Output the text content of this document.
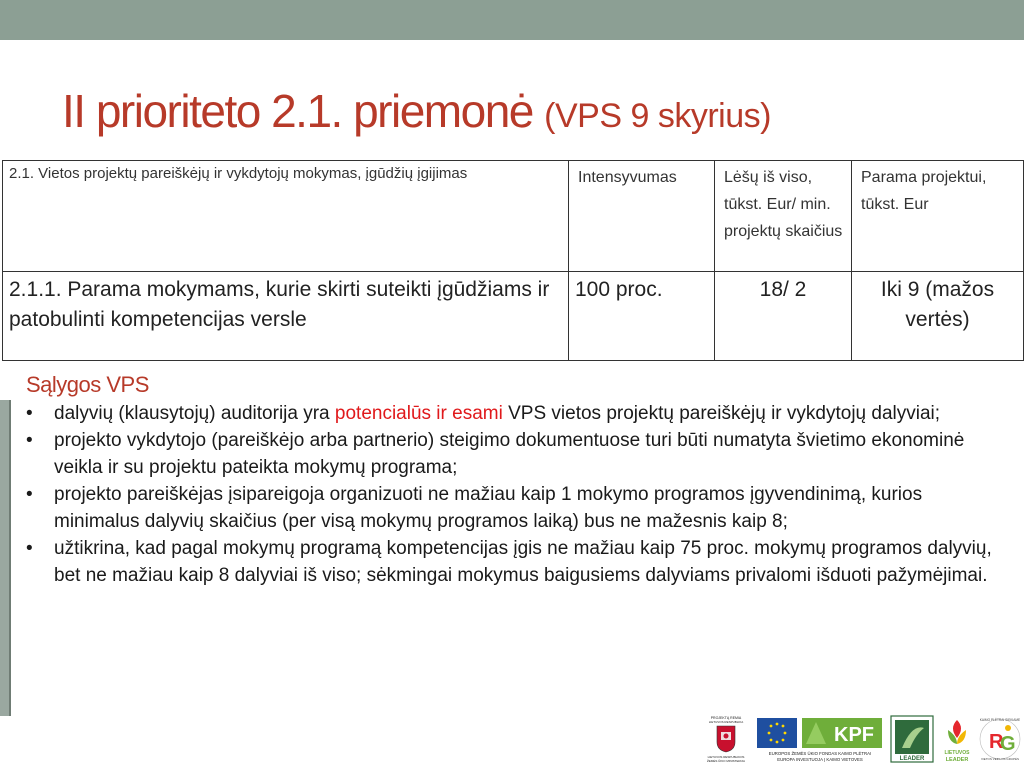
II prioriteto 2.1. priemonė (VPS 9 skyrius)
2.1. Vietos projektų pareiškėjų ir vykdytojų mokymas, įgūdžių įgijimas	Intensyvumas	Lėšų iš viso, tūkst. Eur/ min. projektų skaičius	Parama projektui, tūkst. Eur
2.1.1. Parama mokymams, kurie skirti suteikti įgūdžiams ir patobulinti kompetencijas versle	100 proc.	18/ 2	Iki 9 (mažos vertės)
Sąlygos VPS
• dalyvių (klausytojų) auditorija yra potencialūs ir esami VPS vietos projektų pareiškėjų ir vykdytojų dalyviai;
• projekto vykdytojo (pareiškėjo arba partnerio) steigimo dokumentuose turi būti numatyta švietimo ekonominė veikla ir su projektu pateikta mokymų programa;
• projekto pareiškėjas įsipareigoja organizuoti ne mažiau kaip 1 mokymo programos įgyvendinimą, kurios minimalus dalyvių skaičius (per visą mokymų programos laiką) bus ne mažesnis kaip 8;
• užtikrina, kad pagal mokymų programą kompetencijas įgis ne mažiau kaip 75 proc. mokymų programos dalyvių, bet ne mažiau kaip 8 dalyviai iš viso; sėkmingai mokymus baigusiems dalyviams privalomi išduoti pažymėjimai.
PROJEKTĄ REMIA
LIETUVOS RESPUBLIKA
LIETUVOS RESPUBLIKOS
ŽEMĖS ŪKIO MINISTERIJA
KPF
EUROPOS ŽEMĖS ŪKIO FONDAS KAIMO PLĖTRAI
EUROPA INVESTUOJA Į KAIMO VIETOVES	LEADER
LIETUVOS
LEADER
KAIMO PLĖTRAI SIEKIAME
R
G
VIETOS VEIKLOS GRUPĖS
